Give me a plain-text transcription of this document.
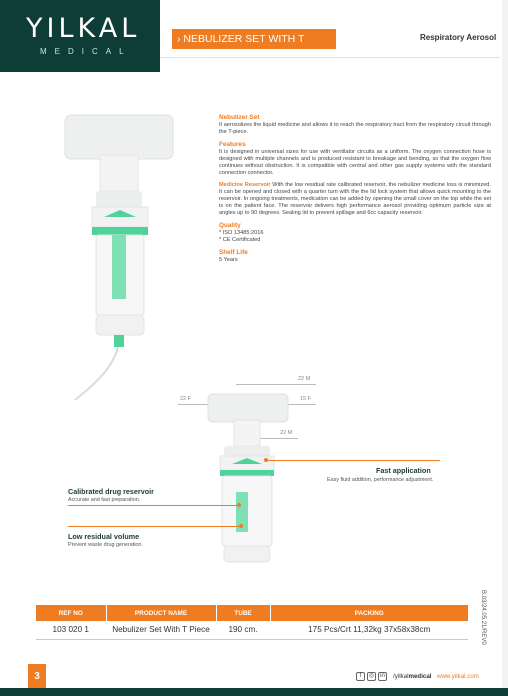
YILKAL
MEDICAL
› NEBULIZER SET WITH T PIECE
Respiratory Aerosol
Nebulizer Set
It aerosolizes the liquid medicine and allows it to reach the respiratory tract from the respiratory circuit through the T-piece.
Features
It is designed in universal sizes for use with ventilator circuits as a uniform. The oxygen connection hose is designed with multiple channels and is produced resistant to breakage and bending, so that the oxygen flow continues without obstruction. It is compatible with central and other gas supply systems with the standard connection connector.
Medicine Reservoir With the low residual rate calibrated reservoir, the nebulizer medicine loss is minimized. It can be opened and closed with a quarter turn with the the lid lock system that allows quick mounting to the reservoir. In ongoing treatments, medication can be added by opening the small cover on the top while the set is on the patient face. The reservoir delivers high performance aerosol providing optimum particle size at angles up to 90 degrees. Sealing lid to prevent spillage and 6cc capacity reservoir.
Quality
* ISO 13485:2016
* CE Certificated
Shelf Life
5 Years
22 M
22 F	15 F
22 M
Fast application
Easy fluid addition, performance adjustment.
Calibrated drug reservoir
Accurate and fast preparation.
Low residual volume
Prevent waste drug generation.
B.03/24.05.21/REV0
REF NO	PRODUCT NAME	TUBE	PACKING
103 020 1	Nebulizer Set With T Piece	190 cm.	175 Pcs/Crt 11,32kg 37x58x38cm
3	f	◎	in	/yilkalmedical www.yilkal.com
